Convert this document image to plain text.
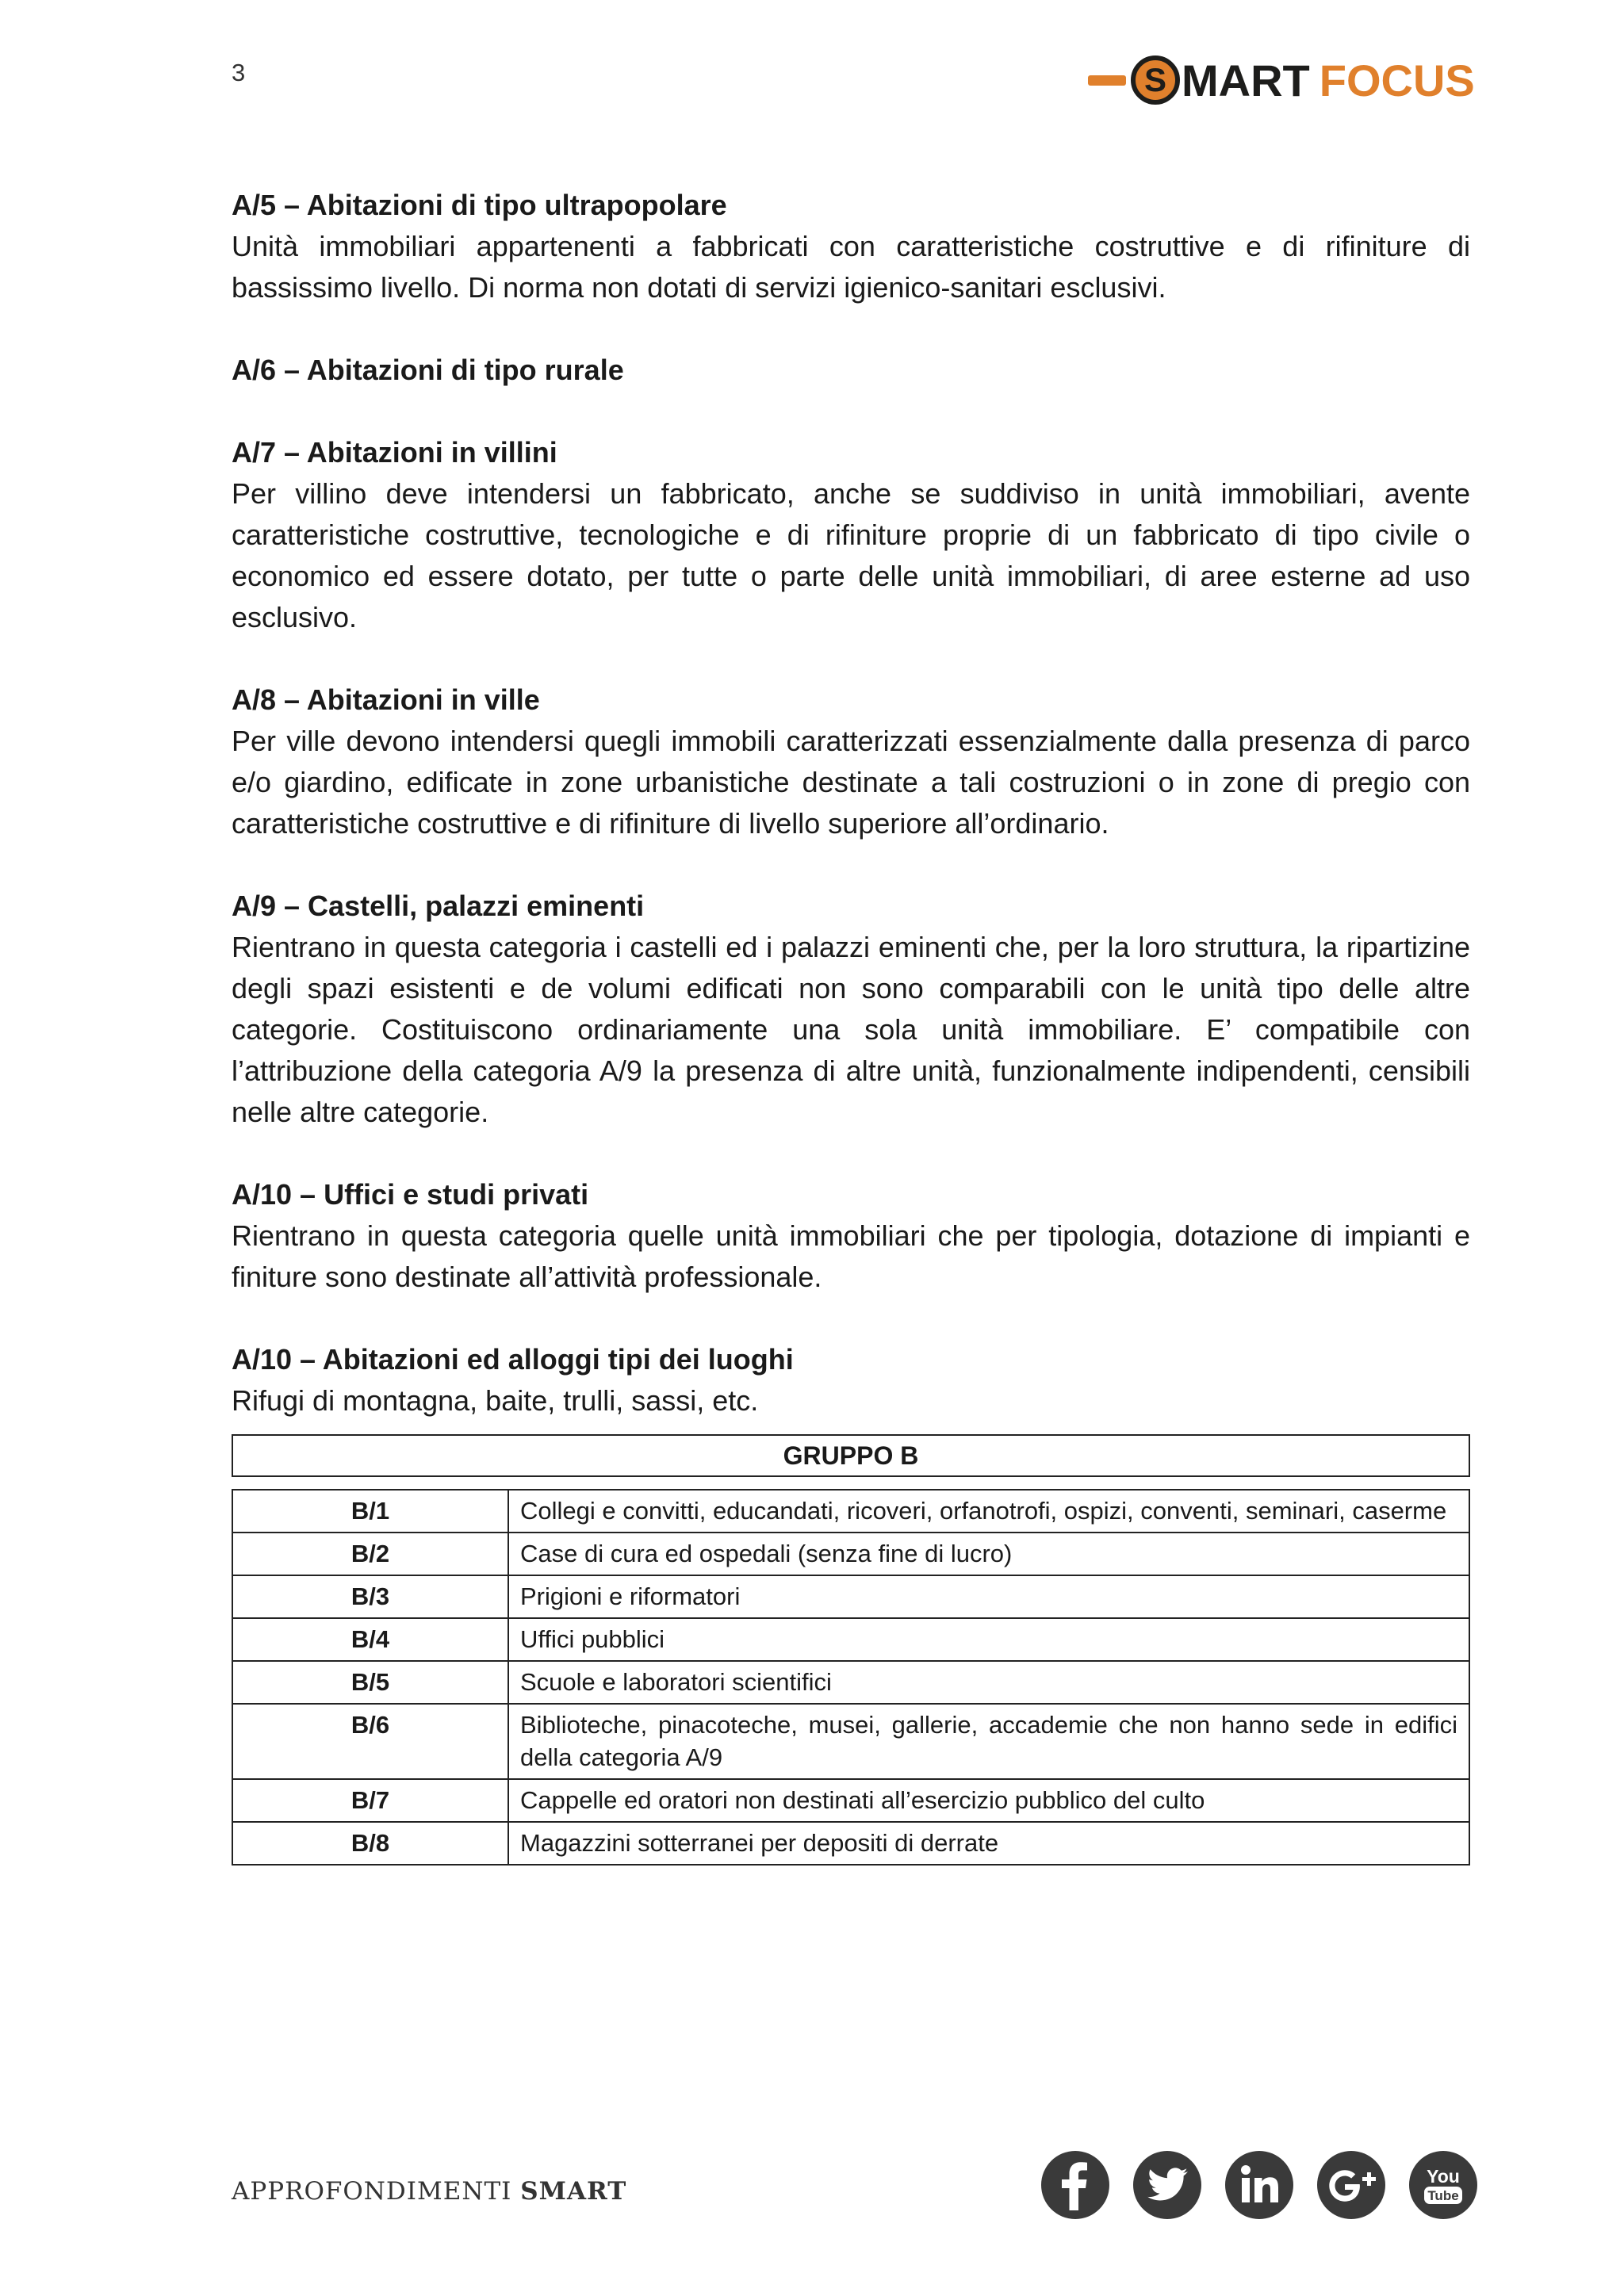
3	S MART FOCUS
A/5 – Abitazioni di tipo ultrapopolare

Unità immobiliari appartenenti a fabbricati con caratteristiche costruttive e di rifiniture di bassissimo livello. Di norma non dotati di servizi igienico-sanitari esclusivi.

A/6 – Abitazioni di tipo rurale
A/7 – Abitazioni in villini

Per villino deve intendersi un fabbricato, anche se suddiviso in unità immobiliari, avente caratteristiche costruttive, tecnologiche e di rifiniture proprie di un fabbricato di tipo civile o economico ed essere dotato, per tutte o parte delle unità immobiliari, di aree esterne ad uso esclusivo.

A/8 – Abitazioni in ville

Per ville devono intendersi quegli immobili caratterizzati essenzialmente dalla presenza di parco e/o giardino, edificate in zone urbanistiche destinate a tali costruzioni o in zone di pregio con caratteristiche costruttive e di rifiniture di livello superiore all’ordinario.

A/9 – Castelli, palazzi eminenti

Rientrano in questa categoria i castelli ed i palazzi eminenti che, per la loro struttura, la ripartizine degli spazi esistenti e de volumi edificati non sono comparabili con le unità tipo delle altre categorie. Costituiscono ordinariamente una sola unità immobiliare. E’ compatibile con l’attribuzione della categoria A/9 la presenza di altre unità, funzionalmente indipendenti, censibili nelle altre categorie.

A/10 – Uffici e studi privati

Rientrano in questa categoria quelle unità immobiliari che per tipologia, dotazione di impianti e finiture sono destinate all’attività professionale.

A/10 – Abitazioni ed alloggi tipi dei luoghi

Rifugi di montagna, baite, trulli, sassi, etc.

GRUPPO B
B/1	Collegi e convitti, educandati, ricoveri, orfanotrofi, ospizi, conventi, seminari, caserme
B/2	Case di cura ed ospedali (senza fine di lucro)
B/3	Prigioni e riformatori
B/4	Uffici pubblici
B/5	Scuole e laboratori scientifici
B/6	Biblioteche, pinacoteche, musei, gallerie, accademie che non hanno sede in edifici della categoria A/9
B/7	Cappelle ed oratori non destinati all’esercizio pubblico del culto
B/8	Magazzini sotterranei per depositi di derrate
APPROFONDIMENTI SMART
You
Tube
